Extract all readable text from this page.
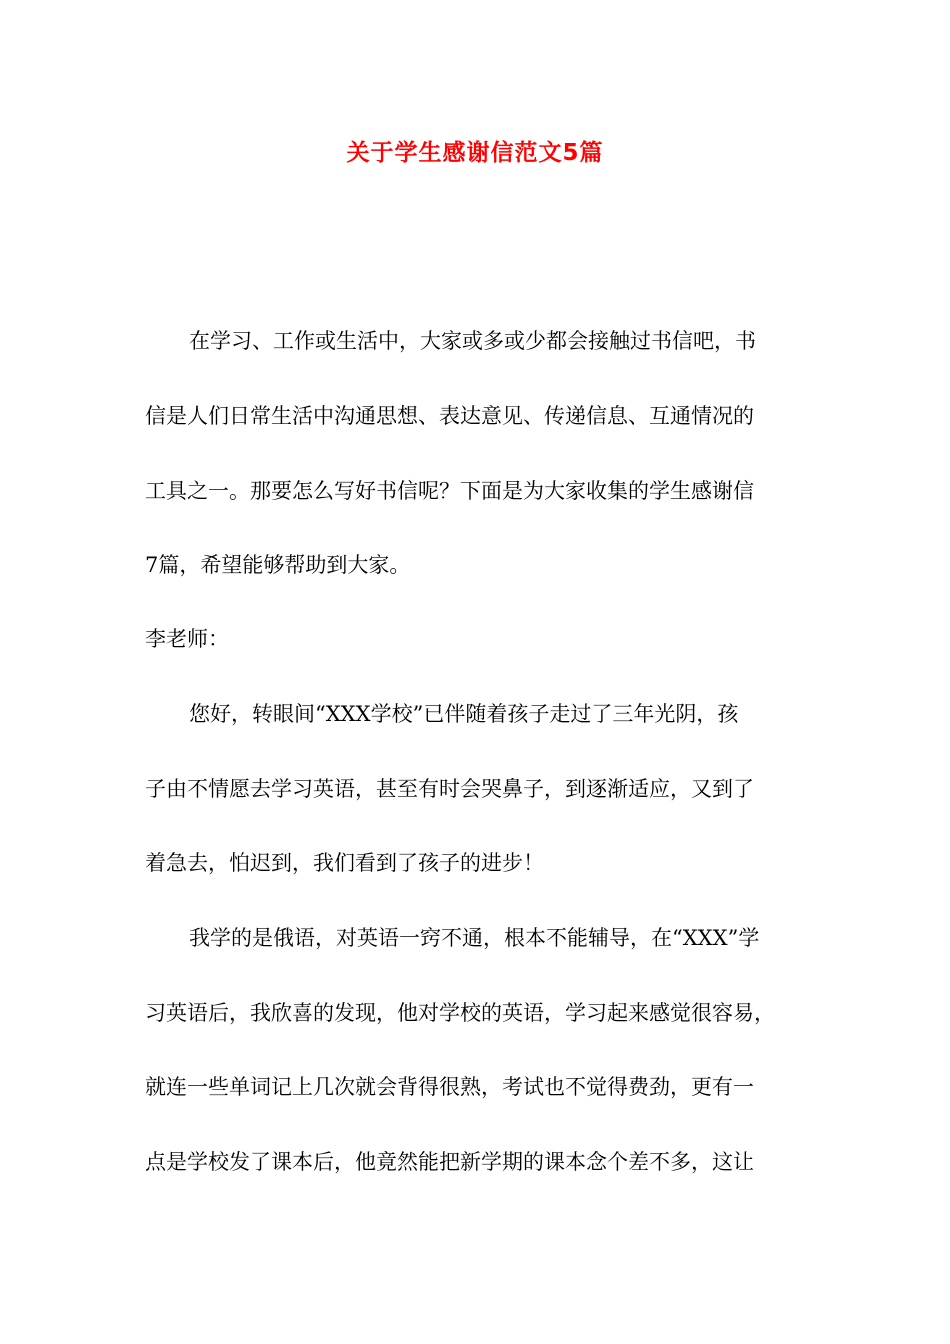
关于学生感谢信范文5篇
在学习、工作或生活中，大家或多或少都会接触过书信吧，书
信是人们日常生活中沟通思想、表达意见、传递信息、互通情况的
工具之一。那要怎么写好书信呢？下面是为大家收集的学生感谢信
7篇，希望能够帮助到大家。
李老师：
您好，转眼间“XXX学校”已伴随着孩子走过了三年光阴，孩
子由不情愿去学习英语，甚至有时会哭鼻子，到逐渐适应，又到了
着急去，怕迟到，我们看到了孩子的进步！
我学的是俄语，对英语一窍不通，根本不能辅导，在“XXX”学
习英语后，我欣喜的发现，他对学校的英语，学习起来感觉很容易，
就连一些单词记上几次就会背得很熟，考试也不觉得费劲，更有一
点是学校发了课本后，他竟然能把新学期的课本念个差不多，这让
